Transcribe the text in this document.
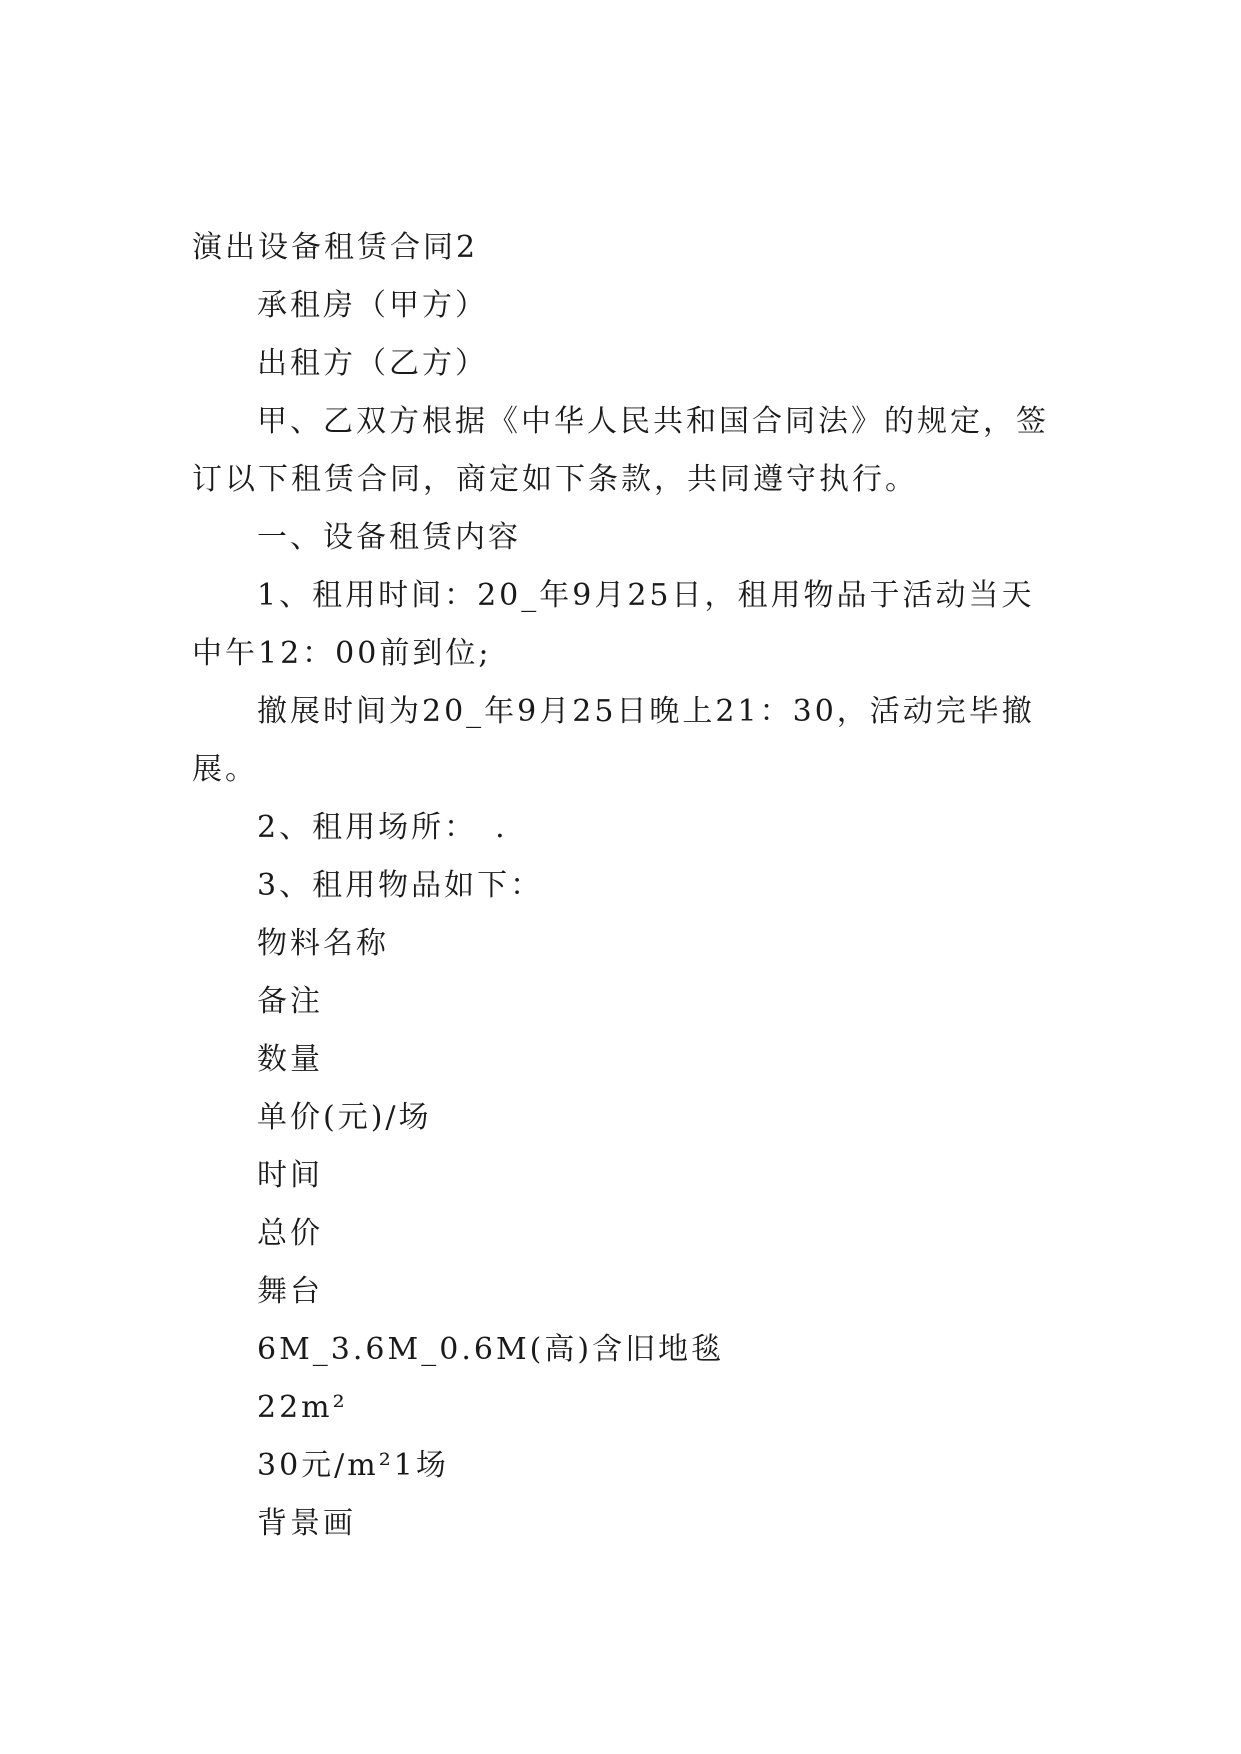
演出设备租赁合同2

承租房（甲方）

出租方（乙方）

甲、乙双方根据《中华人民共和国合同法》的规定，签

订以下租赁合同，商定如下条款，共同遵守执行。

一、设备租赁内容

1、租用时间：20_年9月25日，租用物品于活动当天

中午12：00前到位;

撤展时间为20_年9月25日晚上21：30，活动完毕撤

展。

2、租用场所：　.

3、租用物品如下：

物料名称

备注

数量

单价(元)/场

时间

总价

舞台

6M_3.6M_0.6M(高)含旧地毯

22m²

30元/m²1场

背景画
